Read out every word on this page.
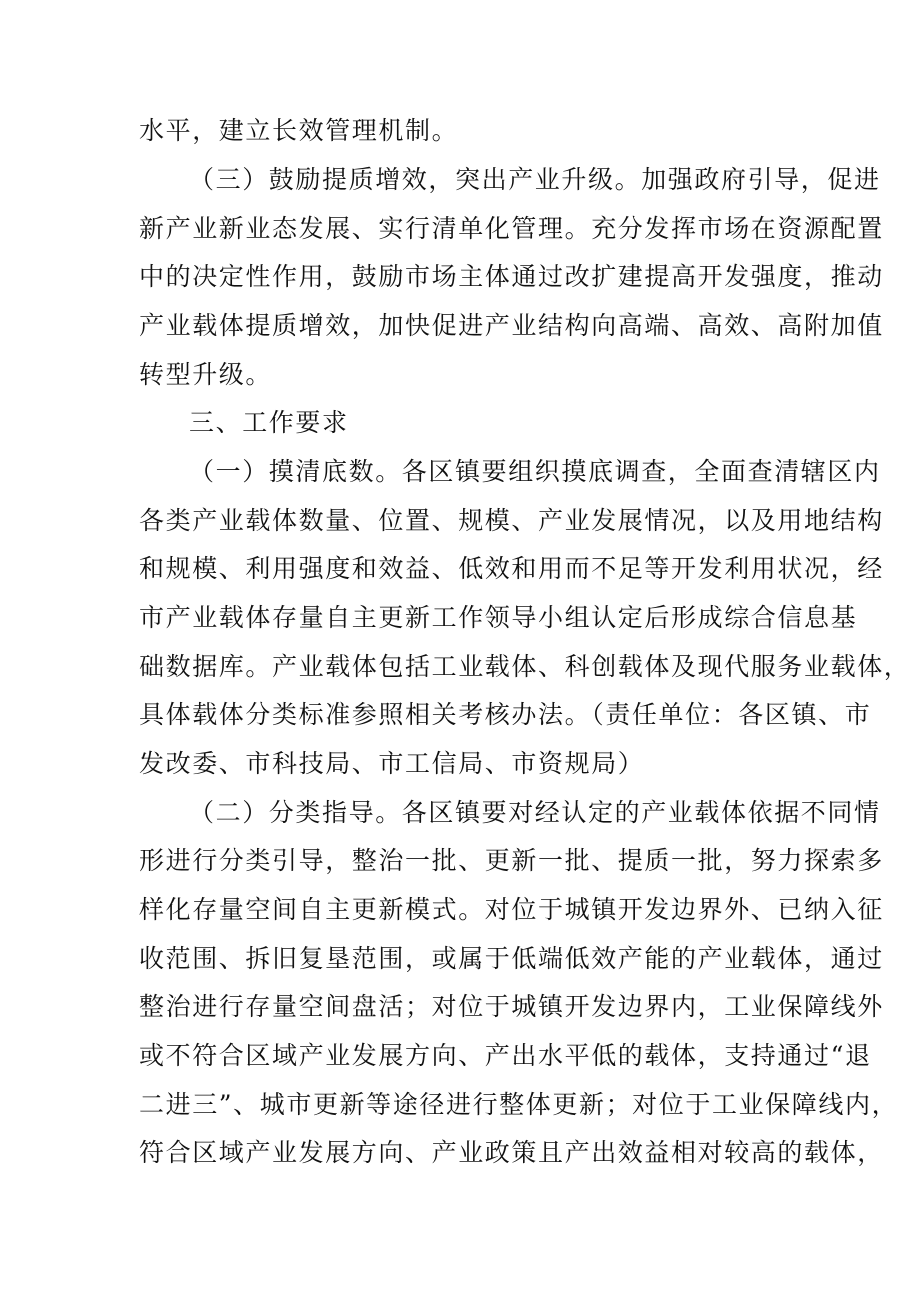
水平，建立长效管理机制。
（三）鼓励提质增效，突出产业升级。加强政府引导，促进
新产业新业态发展、实行清单化管理。充分发挥市场在资源配置
中的决定性作用，鼓励市场主体通过改扩建提高开发强度，推动
产业载体提质增效，加快促进产业结构向高端、高效、高附加值
转型升级。
三、工作要求
（一）摸清底数。各区镇要组织摸底调查，全面查清辖区内
各类产业载体数量、位置、规模、产业发展情况，以及用地结构
和规模、利用强度和效益、低效和用而不足等开发利用状况，经
市产业载体存量自主更新工作领导小组认定后形成综合信息基
础数据库。产业载体包括工业载体、科创载体及现代服务业载体，
具体载体分类标准参照相关考核办法。（责任单位：各区镇、市
发改委、市科技局、市工信局、市资规局）
（二）分类指导。各区镇要对经认定的产业载体依据不同情
形进行分类引导，整治一批、更新一批、提质一批，努力探索多
样化存量空间自主更新模式。对位于城镇开发边界外、已纳入征
收范围、拆旧复垦范围，或属于低端低效产能的产业载体，通过
整治进行存量空间盘活；对位于城镇开发边界内，工业保障线外
或不符合区域产业发展方向、产出水平低的载体，支持通过“退
二进三”、城市更新等途径进行整体更新；对位于工业保障线内，
符合区域产业发展方向、产业政策且产出效益相对较高的载体，
